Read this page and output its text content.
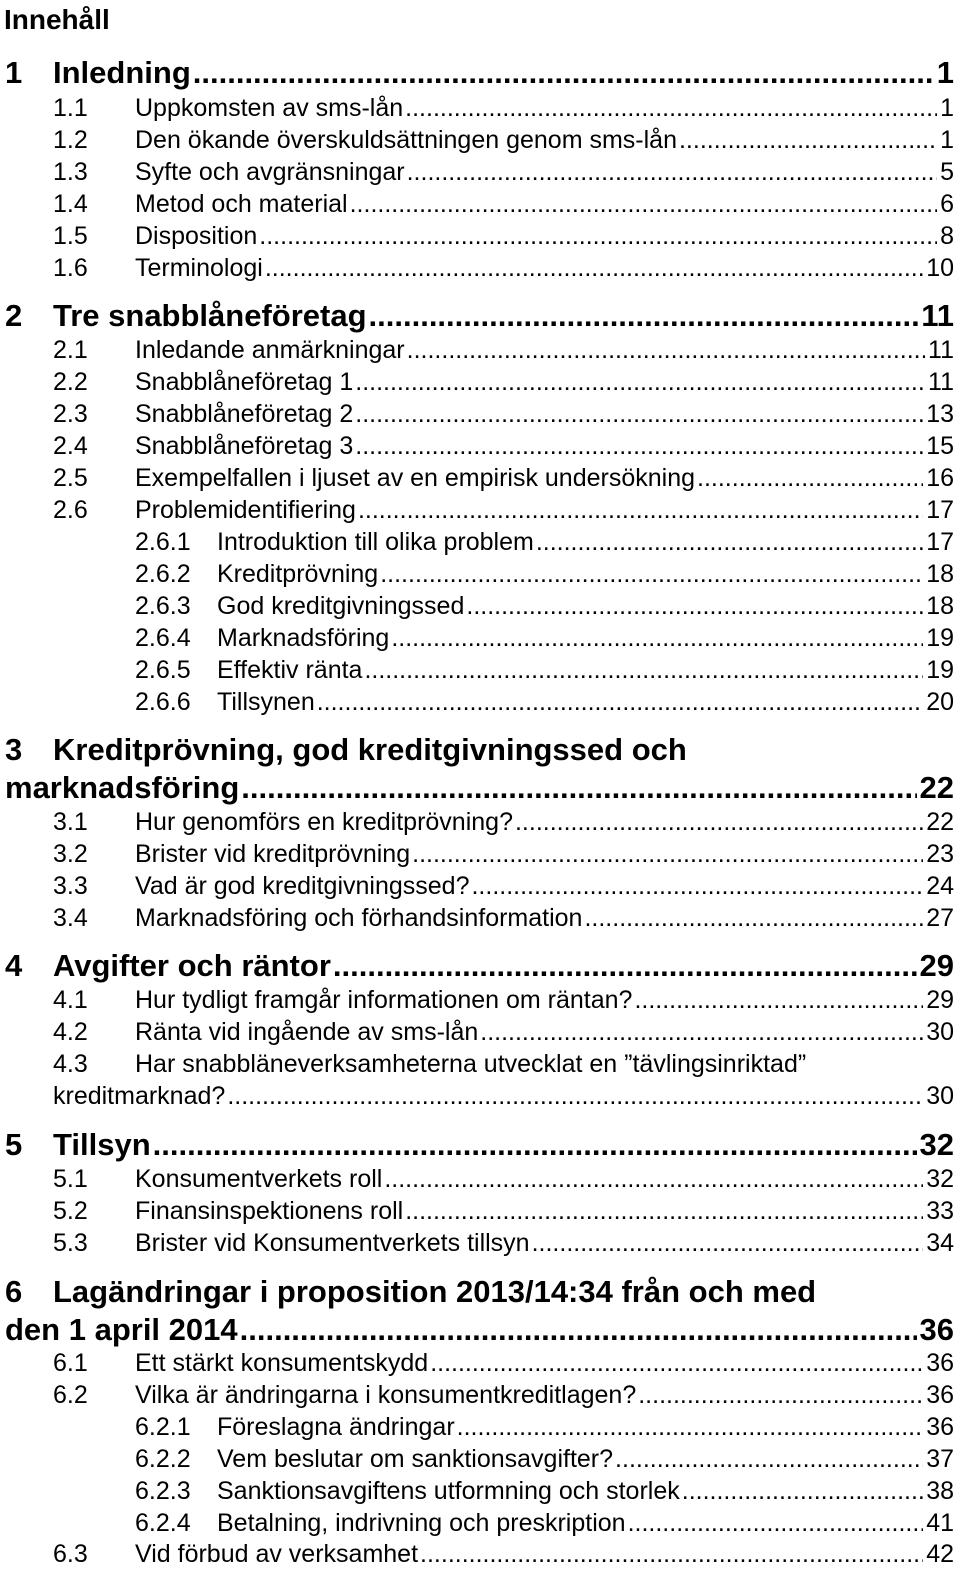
Innehåll
1 Inledning .....	1
1.1 Uppkomsten av sms-lån .....	1
1.2 Den ökande överskuldsättningen genom sms-lån .....	1
1.3 Syfte och avgränsningar .....	5
1.4 Metod och material .....	6
1.5 Disposition .....	8
1.6 Terminologi .....	10
2 Tre snabblåneföretag .....	11
2.1 Inledande anmärkningar .....	11
2.2 Snabblåneföretag 1 .....	11
2.3 Snabblåneföretag 2 .....	13
2.4 Snabblåneföretag 3 .....	15
2.5 Exempelfallen i ljuset av en empirisk undersökning .....	16
2.6 Problemidentifiering .....	17
2.6.1 Introduktion till olika problem .....	17
2.6.2 Kreditprövning .....	18
2.6.3 God kreditgivningssed .....	18
2.6.4 Marknadsföring .....	19
2.6.5 Effektiv ränta .....	19
2.6.6 Tillsynen .....	20
3 Kreditprövning, god kreditgivningssed och
marknadsföring .....	22
3.1 Hur genomförs en kreditprövning? .....	22
3.2 Brister vid kreditprövning .....	23
3.3 Vad är god kreditgivningssed? .....	24
3.4 Marknadsföring och förhandsinformation .....	27
4 Avgifter och räntor .....	29
4.1 Hur tydligt framgår informationen om räntan? .....	29
4.2 Ränta vid ingående av sms-lån .....	30
4.3 Har snabbläneverksamheterna utvecklat en ”tävlingsinriktad”
kreditmarknad? .....	30
5 Tillsyn .....	32
5.1 Konsumentverkets roll .....	32
5.2 Finansinspektionens roll .....	33
5.3 Brister vid Konsumentverkets tillsyn .....	34
6 Lagändringar i proposition 2013/14:34 från och med
den 1 april 2014 .....	36
6.1 Ett stärkt konsumentskydd .....	36
6.2 Vilka är ändringarna i konsumentkreditlagen? .....	36
6.2.1 Föreslagna ändringar .....	36
6.2.2 Vem beslutar om sanktionsavgifter? .....	37
6.2.3 Sanktionsavgiftens utformning och storlek .....	38
6.2.4 Betalning, indrivning och preskription .....	41
6.3 Vid förbud av verksamhet .....	42
